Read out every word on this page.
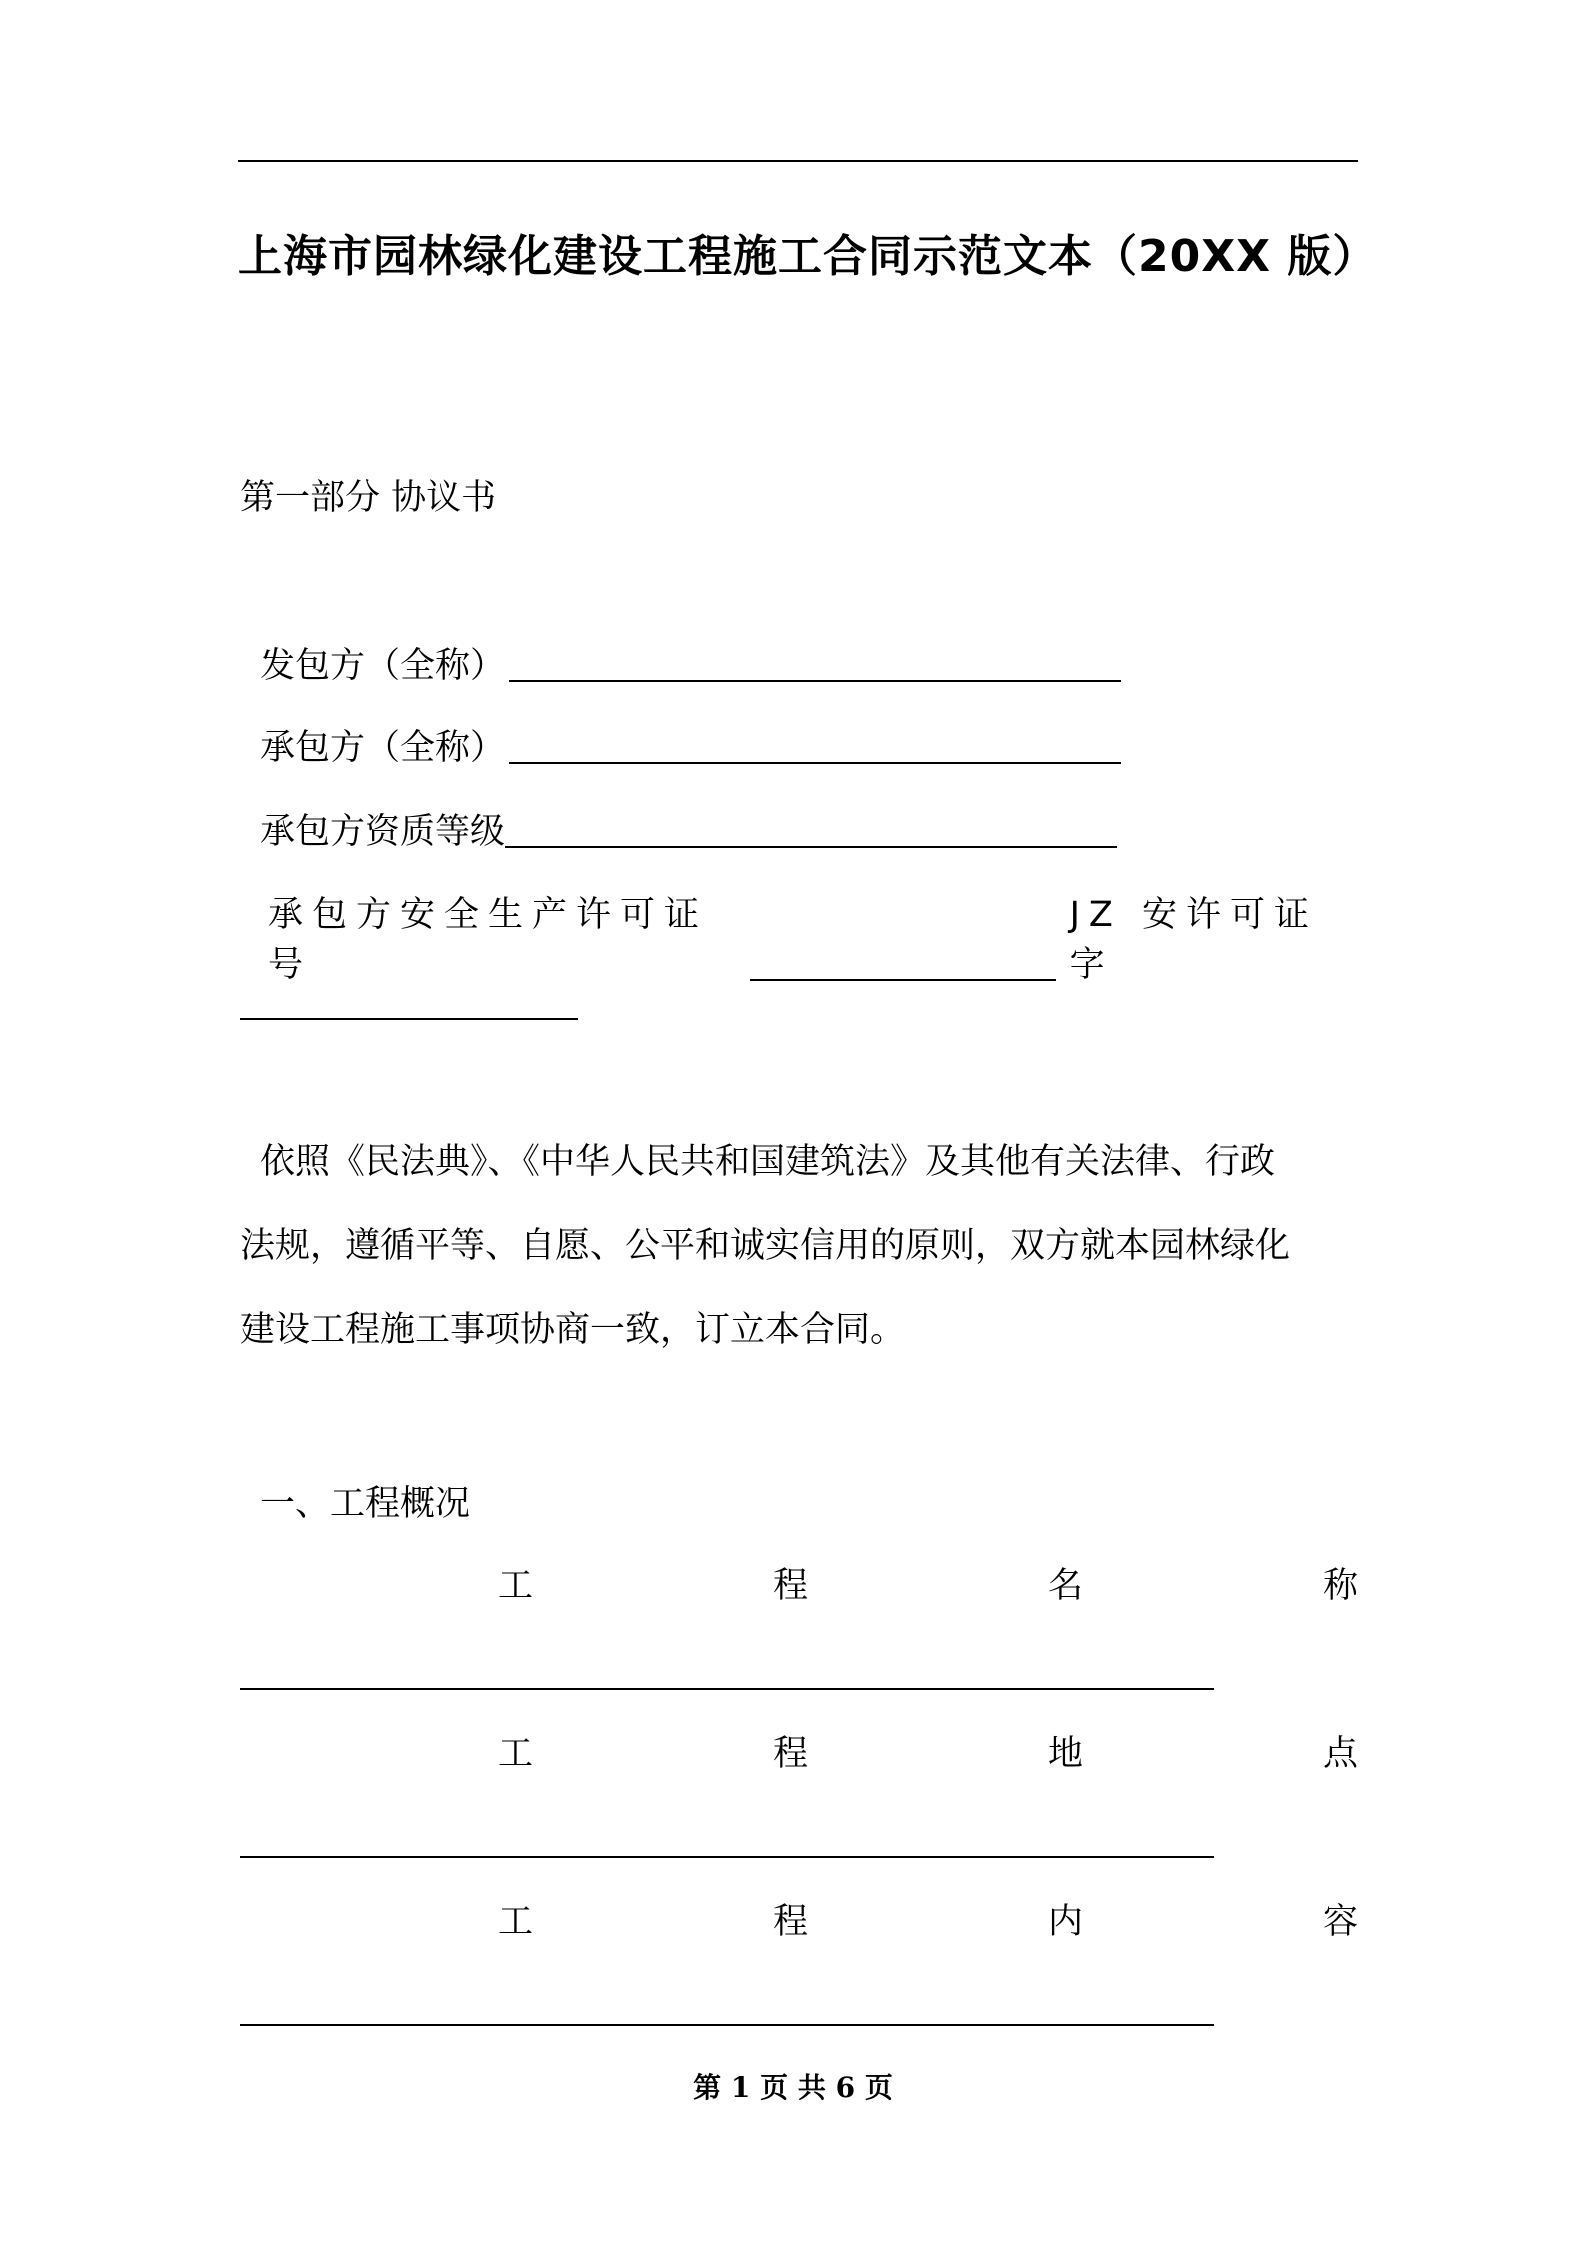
上海市园林绿化建设工程施工合同示范文本（20XX 版）
第一部分 协议书
发包方（全称）
承包方（全称）
承包方资质等级
承包方安全生产许可证号
JZ 安许可证字

依照《民法典》、《中华人民共和国建筑法》及其他有关法律、行政

法规，遵循平等、自愿、公平和诚实信用的原则，双方就本园林绿化

建设工程施工事项协商一致，订立本合同。

一、工程概况
工	程	名	称
工	程	地	点
工	程	内	容
第 1 页 共 6 页
